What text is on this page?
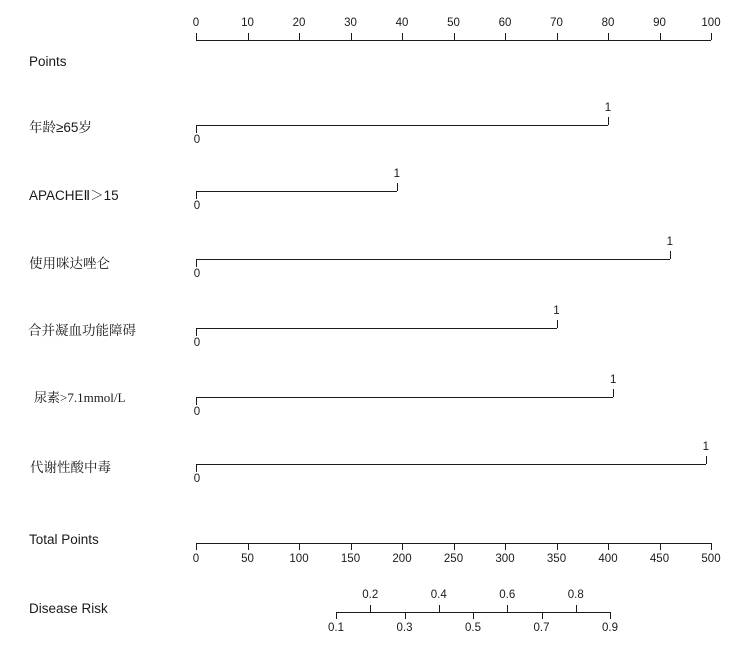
Points
0	10	20	30	40	50	60	70	80	90	100
年龄≥65岁
0
1
APACHEⅡ＞15
0
1
使用咪达唑仑
0
1
合并凝血功能障碍
0
1
尿素>7.1mmol/L
0
1
代谢性酸中毒
0
1
Total Points
0	50	100	150	200	250	300	350	400	450	500
Disease Risk
0.2	0.4	0.6	0.8
0.1	0.3	0.5	0.7	0.9
